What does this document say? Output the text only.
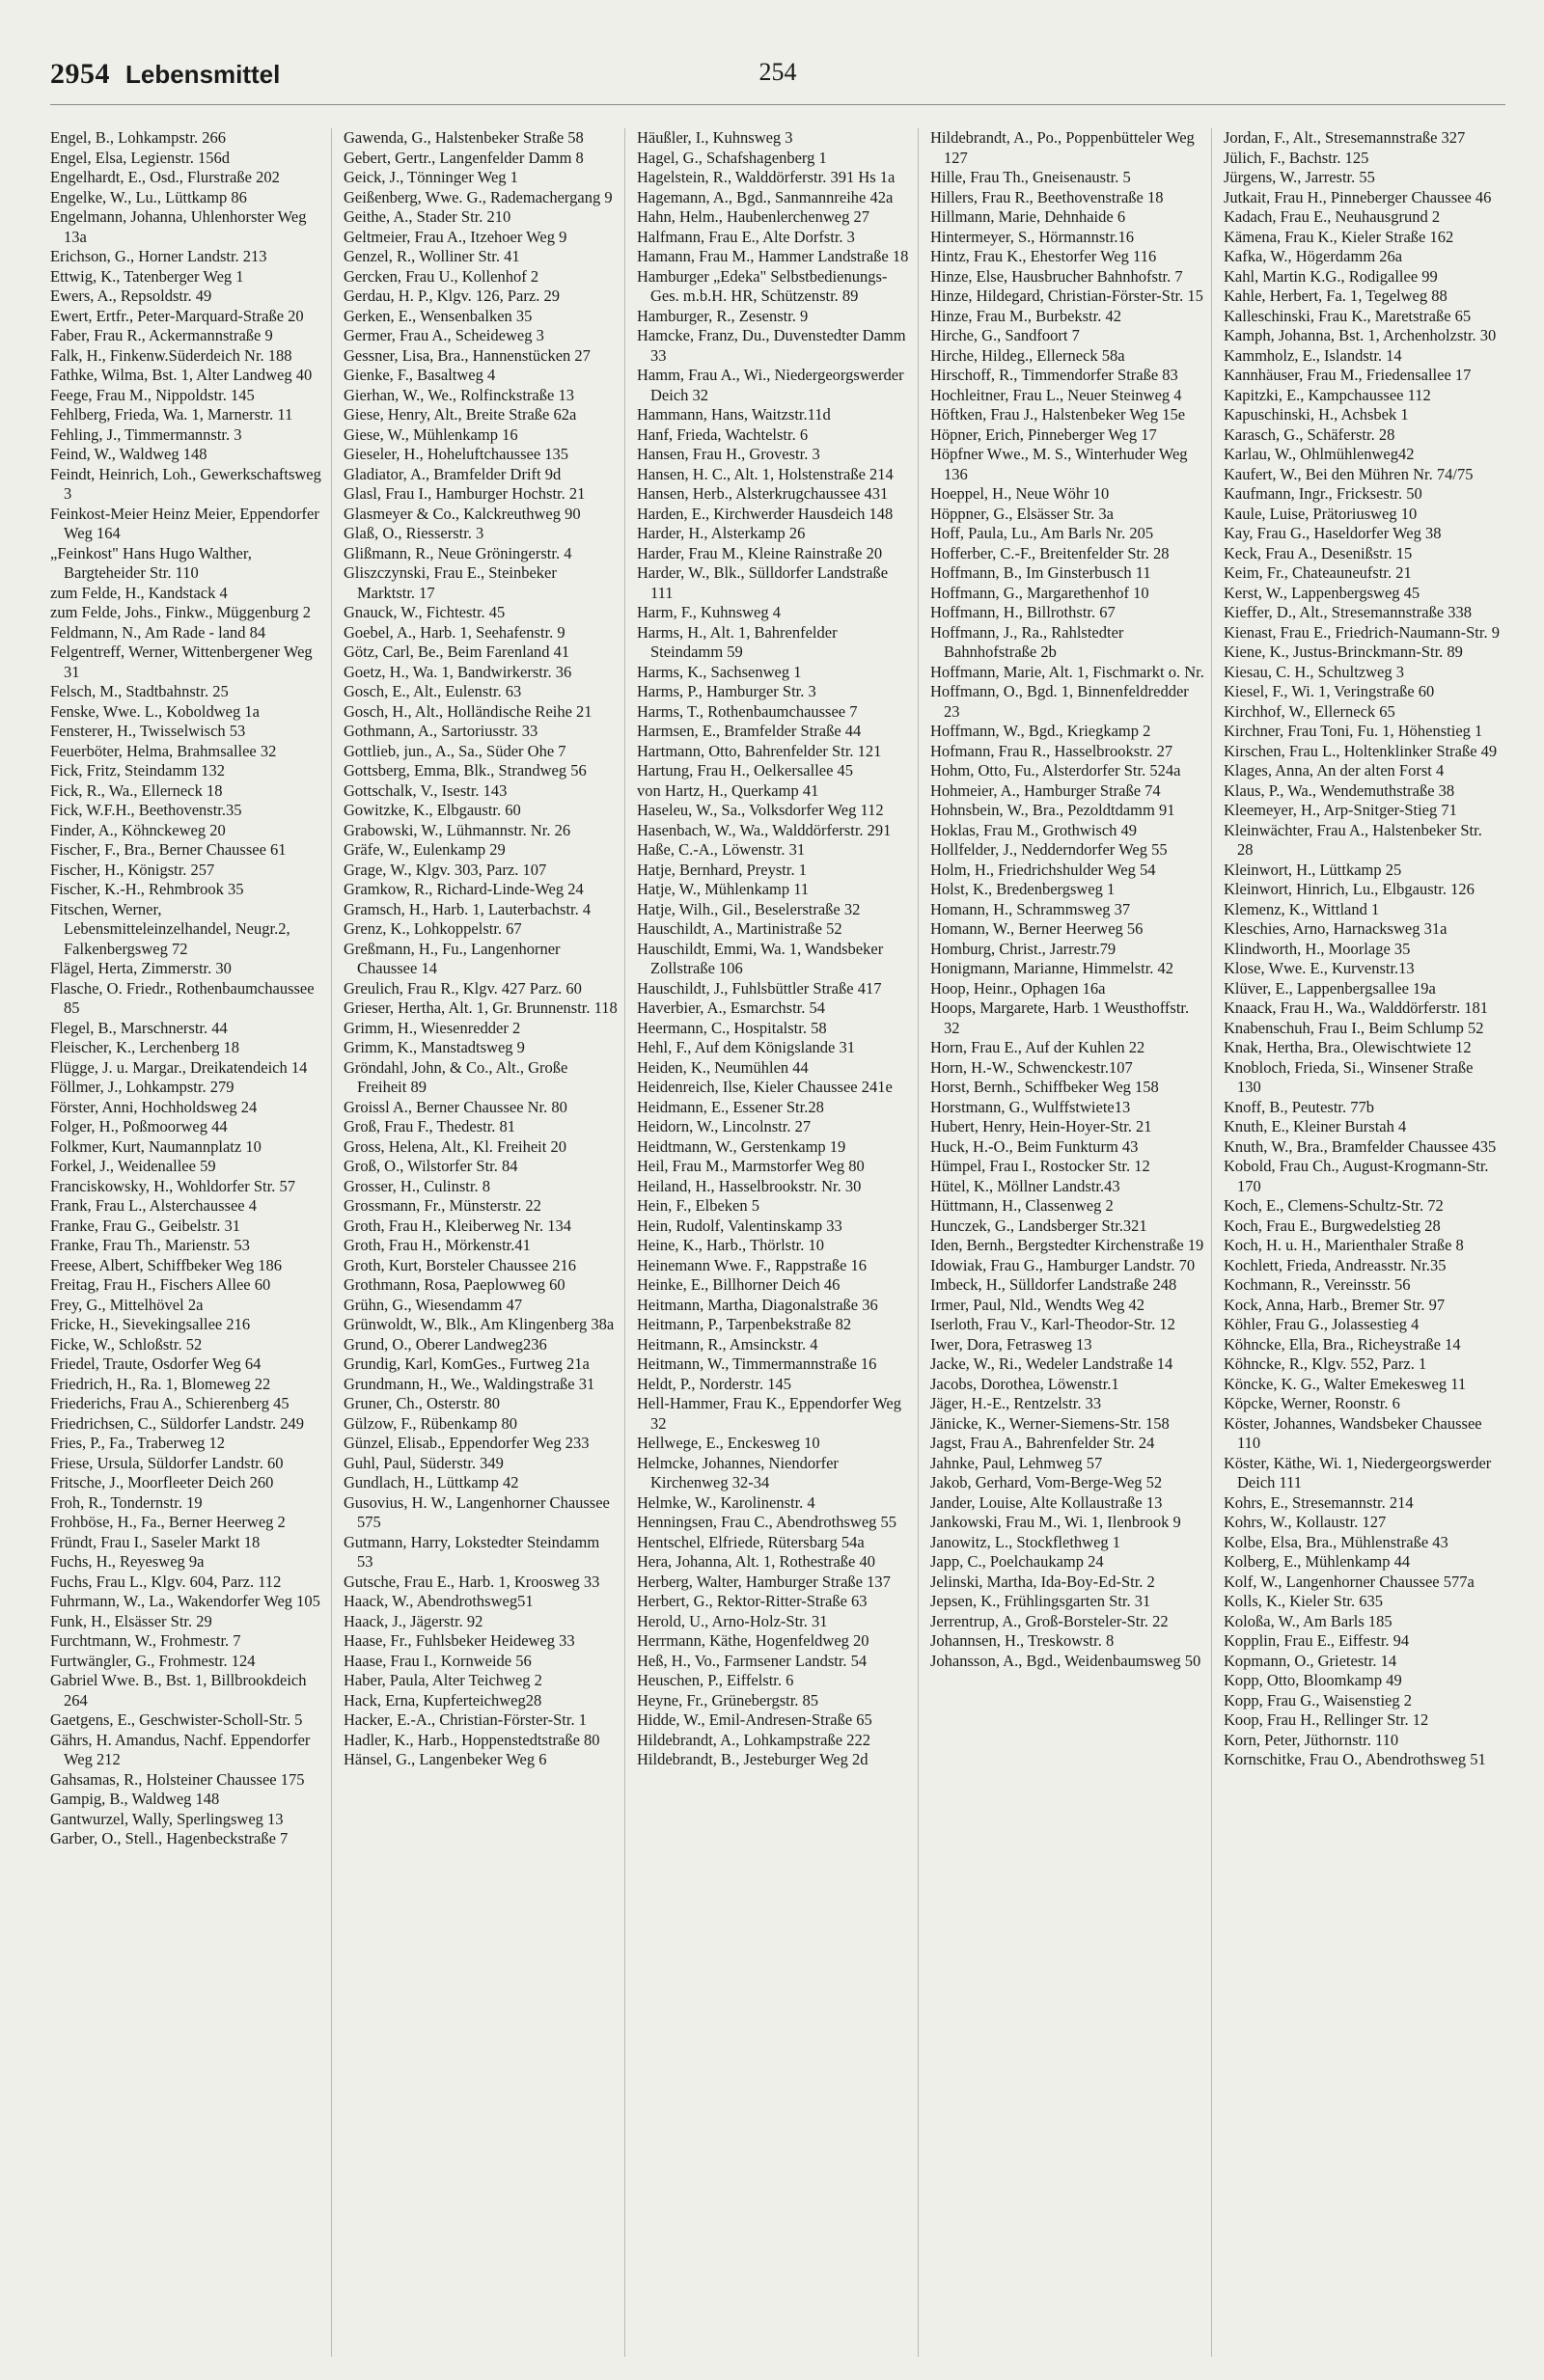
2954 Lebensmittel	254

Engel, B., Lohkampstr. 266

Engel, Elsa, Legienstr. 156d

Engelhardt, E., Osd., Flurstraße 202

Engelke, W., Lu., Lüttkamp 86

Engelmann, Johanna, Uhlenhorster Weg 13a

Erichson, G., Horner Landstr. 213

Ettwig, K., Tatenberger Weg 1

Ewers, A., Repsoldstr. 49

Ewert, Ertfr., Peter-Marquard-Straße 20

Faber, Frau R., Ackermannstraße 9

Falk, H., Finkenw.Süderdeich Nr. 188

Fathke, Wilma, Bst. 1, Alter Landweg 40

Feege, Frau M., Nippoldstr. 145

Fehlberg, Frieda, Wa. 1, Marnerstr. 11

Fehling, J., Timmermannstr. 3

Feind, W., Waldweg 148

Feindt, Heinrich, Loh., Gewerkschaftsweg 3

Feinkost-Meier Heinz Meier, Eppendorfer Weg 164

„Feinkost" Hans Hugo Walther, Bargteheider Str. 110

zum Felde, H., Kandstack 4

zum Felde, Johs., Finkw., Müggenburg 2

Feldmann, N., Am Rade - land 84

Felgentreff, Werner, Wittenbergener Weg 31

Felsch, M., Stadtbahnstr. 25

Fenske, Wwe. L., Koboldweg 1a

Fensterer, H., Twisselwisch 53

Feuerböter, Helma, Brahmsallee 32

Fick, Fritz, Steindamm 132

Fick, R., Wa., Ellerneck 18

Fick, W.F.H., Beethovenstr.35

Finder, A., Köhnckeweg 20

Fischer, F., Bra., Berner Chaussee 61

Fischer, H., Königstr. 257

Fischer, K.-H., Rehmbrook 35

Fitschen, Werner, Lebensmitteleinzelhandel, Neugr.2, Falkenbergsweg 72

Flägel, Herta, Zimmerstr. 30

Flasche, O. Friedr., Rothenbaumchaussee 85

Flegel, B., Marschnerstr. 44

Fleischer, K., Lerchenberg 18

Flügge, J. u. Margar., Dreikatendeich 14

Föllmer, J., Lohkampstr. 279

Förster, Anni, Hochholdsweg 24

Folger, H., Poßmoorweg 44

Folkmer, Kurt, Naumannplatz 10

Forkel, J., Weidenallee 59

Franciskowsky, H., Wohldorfer Str. 57

Frank, Frau L., Alsterchaussee 4

Franke, Frau G., Geibelstr. 31

Franke, Frau Th., Marienstr. 53

Freese, Albert, Schiffbeker Weg 186

Freitag, Frau H., Fischers Allee 60

Frey, G., Mittelhövel 2a

Fricke, H., Sievekingsallee 216

Ficke, W., Schloßstr. 52

Friedel, Traute, Osdorfer Weg 64

Friedrich, H., Ra. 1, Blomeweg 22

Friederichs, Frau A., Schierenberg 45

Friedrichsen, C., Süldorfer Landstr. 249

Fries, P., Fa., Traberweg 12

Friese, Ursula, Süldorfer Landstr. 60

Fritsche, J., Moorfleeter Deich 260

Froh, R., Tondernstr. 19

Frohböse, H., Fa., Berner Heerweg 2

Fründt, Frau I., Saseler Markt 18

Fuchs, H., Reyesweg 9a

Fuchs, Frau L., Klgv. 604, Parz. 112

Fuhrmann, W., La., Wakendorfer Weg 105

Funk, H., Elsässer Str. 29

Furchtmann, W., Frohmestr. 7

Furtwängler, G., Frohmestr. 124

Gabriel Wwe. B., Bst. 1, Billbrookdeich 264

Gaetgens, E., Geschwister-Scholl-Str. 5

Gährs, H. Amandus, Nachf. Eppendorfer Weg 212

Gahsamas, R., Holsteiner Chaussee 175

Gampig, B., Waldweg 148

Gantwurzel, Wally, Sperlingsweg 13

Garber, O., Stell., Hagenbeckstraße 7

Gawenda, G., Halstenbeker Straße 58

Gebert, Gertr., Langenfelder Damm 8

Geick, J., Tönninger Weg 1

Geißenberg, Wwe. G., Rademachergang 9

Geithe, A., Stader Str. 210

Geltmeier, Frau A., Itzehoer Weg 9

Genzel, R., Wolliner Str. 41

Gercken, Frau U., Kollenhof 2

Gerdau, H. P., Klgv. 126, Parz. 29

Gerken, E., Wensenbalken 35

Germer, Frau A., Scheideweg 3

Gessner, Lisa, Bra., Hannenstücken 27

Gienke, F., Basaltweg 4

Gierhan, W., We., Rolfinckstraße 13

Giese, Henry, Alt., Breite Straße 62a

Giese, W., Mühlenkamp 16

Gieseler, H., Hoheluftchaussee 135

Gladiator, A., Bramfelder Drift 9d

Glasl, Frau I., Hamburger Hochstr. 21

Glasmeyer & Co., Kalckreuthweg 90

Glaß, O., Riesserstr. 3

Glißmann, R., Neue Gröningerstr. 4

Gliszczynski, Frau E., Steinbeker Marktstr. 17

Gnauck, W., Fichtestr. 45

Goebel, A., Harb. 1, Seehafenstr. 9

Götz, Carl, Be., Beim Farenland 41

Goetz, H., Wa. 1, Bandwirkerstr. 36

Gosch, E., Alt., Eulenstr. 63

Gosch, H., Alt., Holländische Reihe 21

Gothmann, A., Sartoriusstr. 33

Gottlieb, jun., A., Sa., Süder Ohe 7

Gottsberg, Emma, Blk., Strandweg 56

Gottschalk, V., Isestr. 143

Gowitzke, K., Elbgaustr. 60

Grabowski, W., Lühmannstr. Nr. 26

Gräfe, W., Eulenkamp 29

Grage, W., Klgv. 303, Parz. 107

Gramkow, R., Richard-Linde-Weg 24

Gramsch, H., Harb. 1, Lauterbachstr. 4

Grenz, K., Lohkoppelstr. 67

Greßmann, H., Fu., Langenhorner Chaussee 14

Greulich, Frau R., Klgv. 427 Parz. 60

Grieser, Hertha, Alt. 1, Gr. Brunnenstr. 118

Grimm, H., Wiesenredder 2

Grimm, K., Manstadtsweg 9

Gröndahl, John, & Co., Alt., Große Freiheit 89

Groissl A., Berner Chaussee Nr. 80

Groß, Frau F., Thedestr. 81

Gross, Helena, Alt., Kl. Freiheit 20

Groß, O., Wilstorfer Str. 84

Grosser, H., Culinstr. 8

Grossmann, Fr., Münsterstr. 22

Groth, Frau H., Kleiberweg Nr. 134

Groth, Frau H., Mörkenstr.41

Groth, Kurt, Borsteler Chaussee 216

Grothmann, Rosa, Paeplowweg 60

Grühn, G., Wiesendamm 47

Grünwoldt, W., Blk., Am Klingenberg 38a

Grund, O., Oberer Landweg236

Grundig, Karl, KomGes., Furtweg 21a

Grundmann, H., We., Waldingstraße 31

Gruner, Ch., Osterstr. 80

Gülzow, F., Rübenkamp 80

Günzel, Elisab., Eppendorfer Weg 233

Guhl, Paul, Süderstr. 349

Gundlach, H., Lüttkamp 42

Gusovius, H. W., Langenhorner Chaussee 575

Gutmann, Harry, Lokstedter Steindamm 53

Gutsche, Frau E., Harb. 1, Kroosweg 33

Haack, W., Abendrothsweg51

Haack, J., Jägerstr. 92

Haase, Fr., Fuhlsbeker Heideweg 33

Haase, Frau I., Kornweide 56

Haber, Paula, Alter Teichweg 2

Hack, Erna, Kupferteichweg28

Hacker, E.-A., Christian-Förster-Str. 1

Hadler, K., Harb., Hoppenstedtstraße 80

Hänsel, G., Langenbeker Weg 6

Häußler, I., Kuhnsweg 3

Hagel, G., Schafshagenberg 1

Hagelstein, R., Walddörferstr. 391 Hs 1a

Hagemann, A., Bgd., Sanmannreihe 42a

Hahn, Helm., Haubenlerchenweg 27

Halfmann, Frau E., Alte Dorfstr. 3

Hamann, Frau M., Hammer Landstraße 18

Hamburger „Edeka" Selbstbedienungs-Ges. m.b.H. HR, Schützenstr. 89

Hamburger, R., Zesenstr. 9

Hamcke, Franz, Du., Duvenstedter Damm 33

Hamm, Frau A., Wi., Niedergeorgswerder Deich 32

Hammann, Hans, Waitzstr.11d

Hanf, Frieda, Wachtelstr. 6

Hansen, Frau H., Grovestr. 3

Hansen, H. C., Alt. 1, Holstenstraße 214

Hansen, Herb., Alsterkrugchaussee 431

Harden, E., Kirchwerder Hausdeich 148

Harder, H., Alsterkamp 26

Harder, Frau M., Kleine Rainstraße 20

Harder, W., Blk., Sülldorfer Landstraße 111

Harm, F., Kuhnsweg 4

Harms, H., Alt. 1, Bahrenfelder Steindamm 59

Harms, K., Sachsenweg 1

Harms, P., Hamburger Str. 3

Harms, T., Rothenbaumchaussee 7

Harmsen, E., Bramfelder Straße 44

Hartmann, Otto, Bahrenfelder Str. 121

Hartung, Frau H., Oelkersallee 45

von Hartz, H., Querkamp 41

Haseleu, W., Sa., Volksdorfer Weg 112

Hasenbach, W., Wa., Walddörferstr. 291

Haße, C.-A., Löwenstr. 31

Hatje, Bernhard, Preystr. 1

Hatje, W., Mühlenkamp 11

Hatje, Wilh., Gil., Beselerstraße 32

Hauschildt, A., Martinistraße 52

Hauschildt, Emmi, Wa. 1, Wandsbeker Zollstraße 106

Hauschildt, J., Fuhlsbüttler Straße 417

Haverbier, A., Esmarchstr. 54

Heermann, C., Hospitalstr. 58

Hehl, F., Auf dem Königslande 31

Heiden, K., Neumühlen 44

Heidenreich, Ilse, Kieler Chaussee 241e

Heidmann, E., Essener Str.28

Heidorn, W., Lincolnstr. 27

Heidtmann, W., Gerstenkamp 19

Heil, Frau M., Marmstorfer Weg 80

Heiland, H., Hasselbrookstr. Nr. 30

Hein, F., Elbeken 5

Hein, Rudolf, Valentinskamp 33

Heine, K., Harb., Thörlstr. 10

Heinemann Wwe. F., Rappstraße 16

Heinke, E., Billhorner Deich 46

Heitmann, Martha, Diagonalstraße 36

Heitmann, P., Tarpenbekstraße 82

Heitmann, R., Amsinckstr. 4

Heitmann, W., Timmermannstraße 16

Heldt, P., Norderstr. 145

Hell-Hammer, Frau K., Eppendorfer Weg 32

Hellwege, E., Enckesweg 10

Helmcke, Johannes, Niendorfer Kirchenweg 32-34

Helmke, W., Karolinenstr. 4

Henningsen, Frau C., Abendrothsweg 55

Hentschel, Elfriede, Rütersbarg 54a

Hera, Johanna, Alt. 1, Rothestraße 40

Herberg, Walter, Hamburger Straße 137

Herbert, G., Rektor-Ritter-Straße 63

Herold, U., Arno-Holz-Str. 31

Herrmann, Käthe, Hogenfeldweg 20

Heß, H., Vo., Farmsener Landstr. 54

Heuschen, P., Eiffelstr. 6

Heyne, Fr., Grünebergstr. 85

Hidde, W., Emil-Andresen-Straße 65

Hildebrandt, A., Lohkampstraße 222

Hildebrandt, B., Jesteburger Weg 2d

Hildebrandt, A., Po., Poppenbütteler Weg 127

Hille, Frau Th., Gneisenaustr. 5

Hillers, Frau R., Beethovenstraße 18

Hillmann, Marie, Dehnhaide 6

Hintermeyer, S., Hörmannstr.16

Hintz, Frau K., Ehestorfer Weg 116

Hinze, Else, Hausbrucher Bahnhofstr. 7

Hinze, Hildegard, Christian-Förster-Str. 15

Hinze, Frau M., Burbekstr. 42

Hirche, G., Sandfoort 7

Hirche, Hildeg., Ellerneck 58a

Hirschoff, R., Timmendorfer Straße 83

Hochleitner, Frau L., Neuer Steinweg 4

Höftken, Frau J., Halstenbeker Weg 15e

Höpner, Erich, Pinneberger Weg 17

Höpfner Wwe., M. S., Winterhuder Weg 136

Hoeppel, H., Neue Wöhr 10

Höppner, G., Elsässer Str. 3a

Hoff, Paula, Lu., Am Barls Nr. 205

Hofferber, C.-F., Breitenfelder Str. 28

Hoffmann, B., Im Ginsterbusch 11

Hoffmann, G., Margarethenhof 10

Hoffmann, H., Billrothstr. 67

Hoffmann, J., Ra., Rahlstedter Bahnhofstraße 2b

Hoffmann, Marie, Alt. 1, Fischmarkt o. Nr.

Hoffmann, O., Bgd. 1, Binnenfeldredder 23

Hoffmann, W., Bgd., Kriegkamp 2

Hofmann, Frau R., Hasselbrookstr. 27

Hohm, Otto, Fu., Alsterdorfer Str. 524a

Hohmeier, A., Hamburger Straße 74

Hohnsbein, W., Bra., Pezoldtdamm 91

Hoklas, Frau M., Grothwisch 49

Hollfelder, J., Nedderndorfer Weg 55

Holm, H., Friedrichshulder Weg 54

Holst, K., Bredenbergsweg 1

Homann, H., Schrammsweg 37

Homann, W., Berner Heerweg 56

Homburg, Christ., Jarrestr.79

Honigmann, Marianne, Himmelstr. 42

Hoop, Heinr., Ophagen 16a

Hoops, Margarete, Harb. 1 Weusthoffstr. 32

Horn, Frau E., Auf der Kuhlen 22

Horn, H.-W., Schwenckestr.107

Horst, Bernh., Schiffbeker Weg 158

Horstmann, G., Wulffstwiete13

Hubert, Henry, Hein-Hoyer-Str. 21

Huck, H.-O., Beim Funkturm 43

Hümpel, Frau I., Rostocker Str. 12

Hütel, K., Möllner Landstr.43

Hüttmann, H., Classenweg 2

Hunczek, G., Landsberger Str.321

Iden, Bernh., Bergstedter Kirchenstraße 19

Idowiak, Frau G., Hamburger Landstr. 70

Imbeck, H., Sülldorfer Landstraße 248

Irmer, Paul, Nld., Wendts Weg 42

Iserloth, Frau V., Karl-Theodor-Str. 12

Iwer, Dora, Fetrasweg 13

Jacke, W., Ri., Wedeler Landstraße 14

Jacobs, Dorothea, Löwenstr.1

Jäger, H.-E., Rentzelstr. 33

Jänicke, K., Werner-Siemens-Str. 158

Jagst, Frau A., Bahrenfelder Str. 24

Jahnke, Paul, Lehmweg 57

Jakob, Gerhard, Vom-Berge-Weg 52

Jander, Louise, Alte Kollaustraße 13

Jankowski, Frau M., Wi. 1, Ilenbrook 9

Janowitz, L., Stockflethweg 1

Japp, C., Poelchaukamp 24

Jelinski, Martha, Ida-Boy-Ed-Str. 2

Jepsen, K., Frühlingsgarten Str. 31

Jerrentrup, A., Groß-Borsteler-Str. 22

Johannsen, H., Treskowstr. 8

Johansson, A., Bgd., Weidenbaumsweg 50

Jordan, F., Alt., Stresemannstraße 327

Jülich, F., Bachstr. 125

Jürgens, W., Jarrestr. 55

Jutkait, Frau H., Pinneberger Chaussee 46

Kadach, Frau E., Neuhausgrund 2

Kämena, Frau K., Kieler Straße 162

Kafka, W., Högerdamm 26a

Kahl, Martin K.G., Rodigallee 99

Kahle, Herbert, Fa. 1, Tegelweg 88

Kalleschinski, Frau K., Maretstraße 65

Kamph, Johanna, Bst. 1, Archenholzstr. 30

Kammholz, E., Islandstr. 14

Kannhäuser, Frau M., Friedensallee 17

Kapitzki, E., Kampchaussee 112

Kapuschinski, H., Achsbek 1

Karasch, G., Schäferstr. 28

Karlau, W., Ohlmühlenweg42

Kaufert, W., Bei den Mühren Nr. 74/75

Kaufmann, Ingr., Fricksestr. 50

Kaule, Luise, Prätoriusweg 10

Kay, Frau G., Haseldorfer Weg 38

Keck, Frau A., Desenißstr. 15

Keim, Fr., Chateauneufstr. 21

Kerst, W., Lappenbergsweg 45

Kieffer, D., Alt., Stresemannstraße 338

Kienast, Frau E., Friedrich-Naumann-Str. 9

Kiene, K., Justus-Brinckmann-Str. 89

Kiesau, C. H., Schultzweg 3

Kiesel, F., Wi. 1, Veringstraße 60

Kirchhof, W., Ellerneck 65

Kirchner, Frau Toni, Fu. 1, Höhenstieg 1

Kirschen, Frau L., Holtenklinker Straße 49

Klages, Anna, An der alten Forst 4

Klaus, P., Wa., Wendemuthstraße 38

Kleemeyer, H., Arp-Snitger-Stieg 71

Kleinwächter, Frau A., Halstenbeker Str. 28

Kleinwort, H., Lüttkamp 25

Kleinwort, Hinrich, Lu., Elbgaustr. 126

Klemenz, K., Wittland 1

Kleschies, Arno, Harnacksweg 31a

Klindworth, H., Moorlage 35

Klose, Wwe. E., Kurvenstr.13

Klüver, E., Lappenbergsallee 19a

Knaack, Frau H., Wa., Walddörferstr. 181

Knabenschuh, Frau I., Beim Schlump 52

Knak, Hertha, Bra., Olewischtwiete 12

Knobloch, Frieda, Si., Winsener Straße 130

Knoff, B., Peutestr. 77b

Knuth, E., Kleiner Burstah 4

Knuth, W., Bra., Bramfelder Chaussee 435

Kobold, Frau Ch., August-Krogmann-Str. 170

Koch, E., Clemens-Schultz-Str. 72

Koch, Frau E., Burgwedelstieg 28

Koch, H. u. H., Marienthaler Straße 8

Kochlett, Frieda, Andreasstr. Nr.35

Kochmann, R., Vereinsstr. 56

Kock, Anna, Harb., Bremer Str. 97

Köhler, Frau G., Jolassestieg 4

Köhncke, Ella, Bra., Richeystraße 14

Köhncke, R., Klgv. 552, Parz. 1

Köncke, K. G., Walter Emekesweg 11

Köpcke, Werner, Roonstr. 6

Köster, Johannes, Wandsbeker Chaussee 110

Köster, Käthe, Wi. 1, Niedergeorgswerder Deich 111

Kohrs, E., Stresemannstr. 214

Kohrs, W., Kollaustr. 127

Kolbe, Elsa, Bra., Mühlenstraße 43

Kolberg, E., Mühlenkamp 44

Kolf, W., Langenhorner Chaussee 577a

Kolls, K., Kieler Str. 635

Koloßa, W., Am Barls 185

Kopplin, Frau E., Eiffestr. 94

Kopmann, O., Grietestr. 14

Kopp, Otto, Bloomkamp 49

Kopp, Frau G., Waisenstieg 2

Koop, Frau H., Rellinger Str. 12

Korn, Peter, Jüthornstr. 110

Kornschitke, Frau O., Abendrothsweg 51
